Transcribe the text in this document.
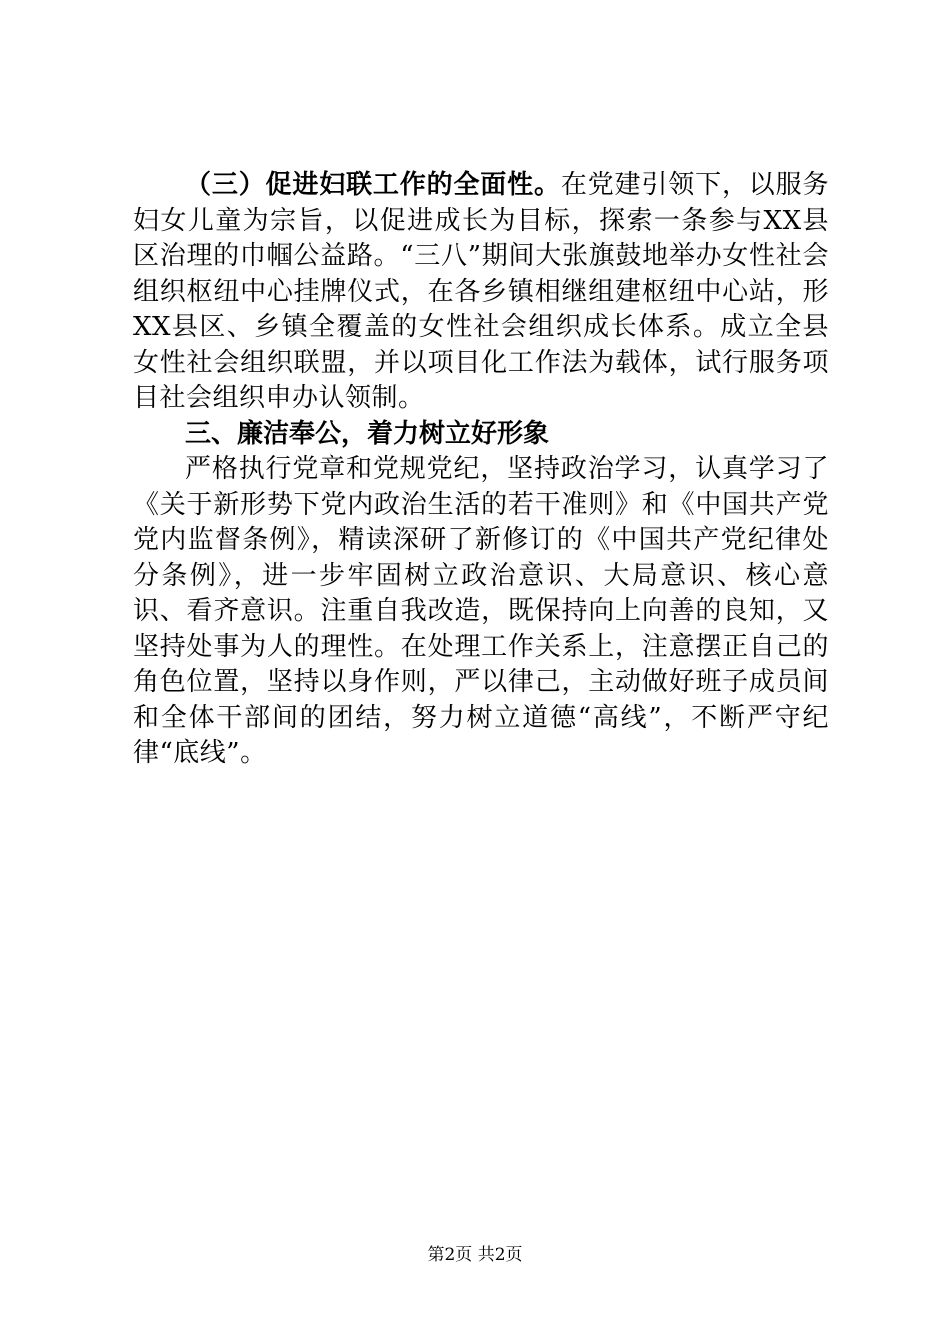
（三）促进妇联工作的全面性。在党建引领下，以服务妇女儿童为宗旨，以促进成长为目标，探索一条参与XX县区治理的巾帼公益路。“三八”期间大张旗鼓地举办女性社会组织枢纽中心挂牌仪式，在各乡镇相继组建枢纽中心站，形XX县区、乡镇全覆盖的女性社会组织成长体系。成立全县女性社会组织联盟，并以项目化工作法为载体，试行服务项目社会组织申办认领制。

三、廉洁奉公，着力树立好形象

严格执行党章和党规党纪，坚持政治学习，认真学习了《关于新形势下党内政治生活的若干准则》和《中国共产党党内监督条例》，精读深研了新修订的《中国共产党纪律处分条例》，进一步牢固树立政治意识、大局意识、核心意识、看齐意识。注重自我改造，既保持向上向善的良知，又坚持处事为人的理性。在处理工作关系上，注意摆正自己的角色位置，坚持以身作则，严以律己，主动做好班子成员间和全体干部间的团结，努力树立道德“高线”，不断严守纪律“底线”。

第2页 共2页
